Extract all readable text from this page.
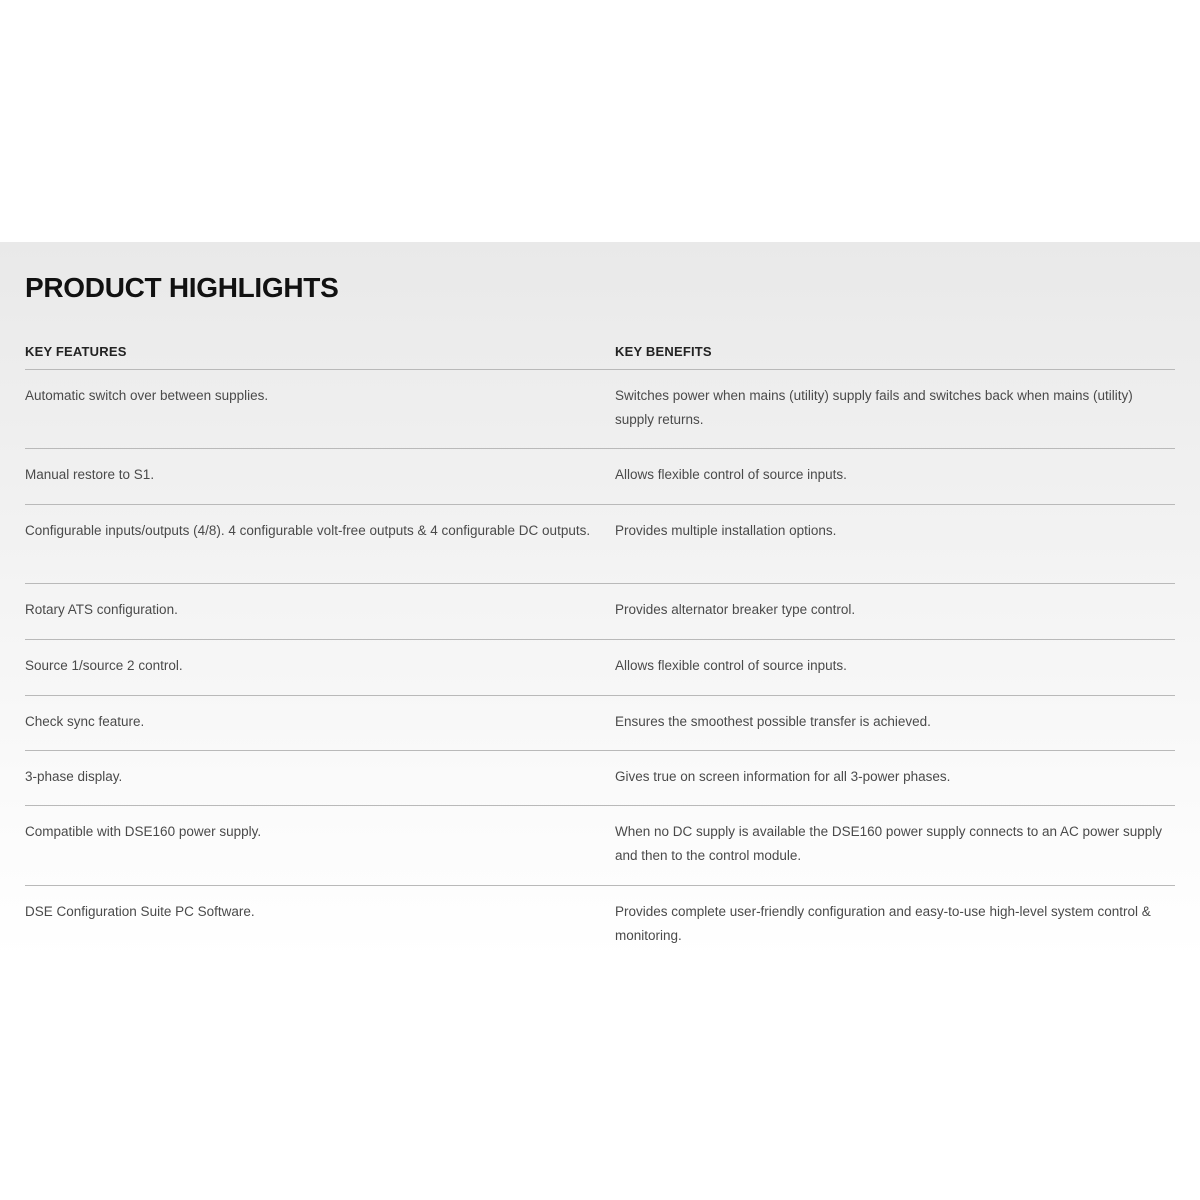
PRODUCT HIGHLIGHTS
KEY FEATURES	KEY BENEFITS
Automatic switch over between supplies.	Switches power when mains (utility) supply fails and switches back when mains (utility) supply returns.
Manual restore to S1.	Allows flexible control of source inputs.
Configurable inputs/outputs (4/8). 4 configurable volt-free outputs & 4 configurable DC outputs.	Provides multiple installation options.
Rotary ATS configuration.	Provides alternator breaker type control.
Source 1/source 2 control.	Allows flexible control of source inputs.
Check sync feature.	Ensures the smoothest possible transfer is achieved.
3-phase display.	Gives true on screen information for all 3-power phases.
Compatible with DSE160 power supply.	When no DC supply is available the DSE160 power supply connects to an AC power supply and then to the control module.
DSE Configuration Suite PC Software.	Provides complete user-friendly configuration and easy-to-use high-level system control & monitoring.
